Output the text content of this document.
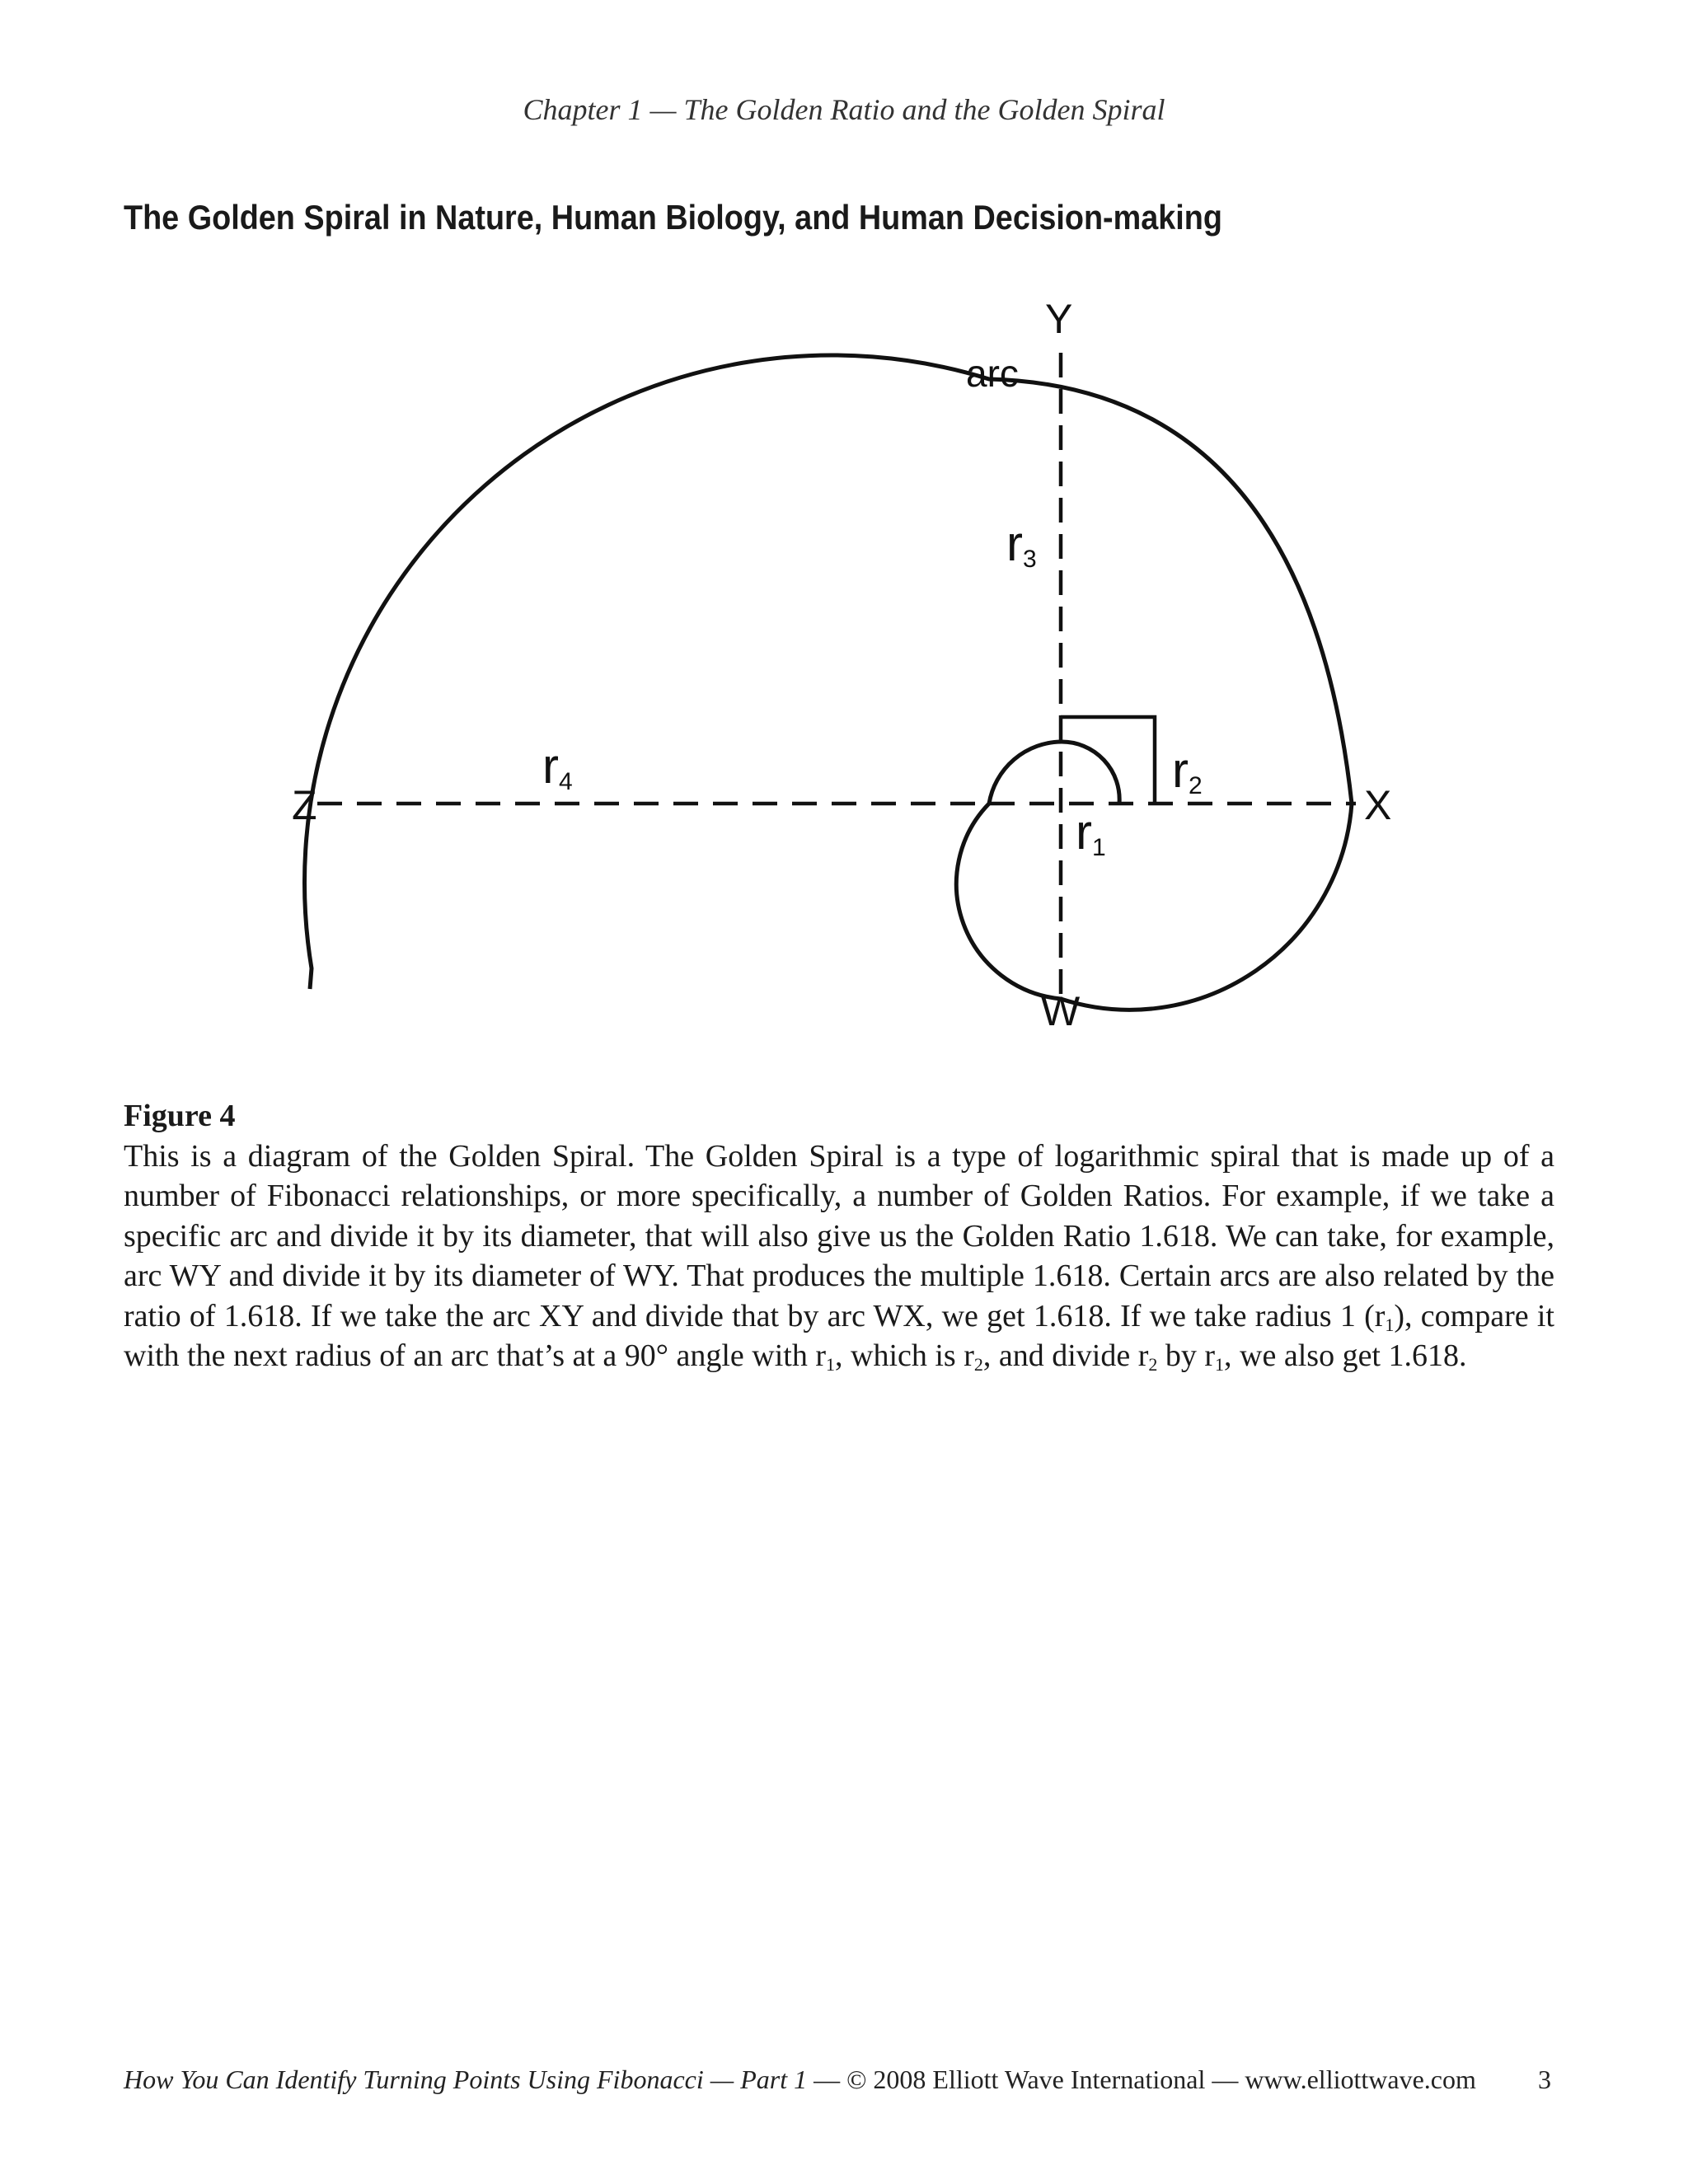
Chapter 1 — The Golden Ratio and the Golden Spiral
The Golden Spiral in Nature, Human Biology, and Human Decision-making
Y
arc
Z	X
W
$r_1$
$r_2$
$r_3$
$r_4$
Figure 4
This is a diagram of the Golden Spiral. The Golden Spiral is a type of logarithmic spiral that is made up of a number of Fibonacci relationships, or more specifically, a number of Golden Ratios. For example, if we take a specific arc and divide it by its diameter, that will also give us the Golden Ratio 1.618. We can take, for example, arc WY and divide it by its diameter of WY. That produces the multiple 1.618. Certain arcs are also related by the ratio of 1.618. If we take the arc XY and divide that by arc WX, we get 1.618. If we take radius 1 $(r_1)$, compare it with the next radius of an arc that’s at a 90° angle with $r_1$, which is $r_2$, and divide $r_2$ by $r_1$, we also get 1.618.
How You Can Identify Turning Points Using Fibonacci — Part 1 — © 2008 Elliott Wave International — www.elliottwave.com	3
